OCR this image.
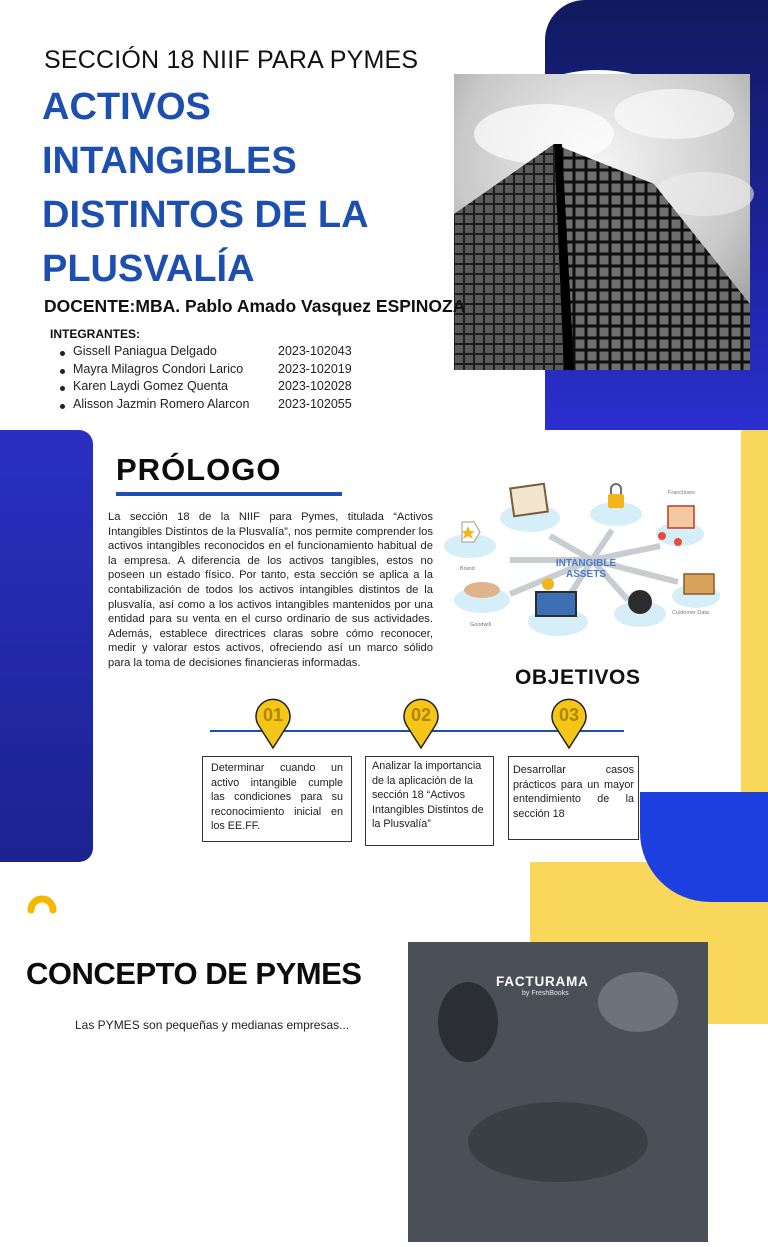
SECCIÓN 18 NIIF PARA PYMES
ACTIVOS
INTANGIBLES
DISTINTOS DE LA
PLUSVALÍA
DOCENTE:MBA. Pablo Amado Vasquez ESPINOZA
INTEGRANTES:
Gissell Paniagua Delgado	2023-102043
Mayra Milagros Condori Larico	2023-102019
Karen Laydi Gomez Quenta	2023-102028
Alisson Jazmin Romero Alarcon	2023-102055
PRÓLOGO

La sección 18 de la NIIF para Pymes, titulada “Activos Intangibles Distintos de la Plusvalía”, nos permite comprender los activos intangibles reconocidos en el funcionamiento habitual de la empresa. A diferencia de los activos tangibles, estos no poseen un estado físico. Por tanto, esta sección se aplica a la contabilización de todos los activos intangibles distintos de la plusvalía, así como a los activos intangibles mantenidos por una entidad para su venta en el curso ordinario de sus actividades. Además, establece directrices claras sobre cómo reconocer, medir y valorar estos activos, ofreciendo así un marco sólido para la toma de decisiones financieras informadas.

INTANGIBLE
ASSETS
Brand
Goodwill
Franchises
Customer Data
OBJETIVOS
01	02	03
Determinar cuando un activo intangible cumple las condiciones para su reconocimiento inicial en los EE.FF.
Analizar la importancia de la aplicación de la sección 18 “Activos Intangibles Distintos de la Plusvalía”
Desarrollar casos prácticos para un mayor entendimiento de la sección 18
CONCEPTO DE PYMES	FACTURAMA
by FreshBooks
Las PYMES son pequeñas y medianas empresas...
